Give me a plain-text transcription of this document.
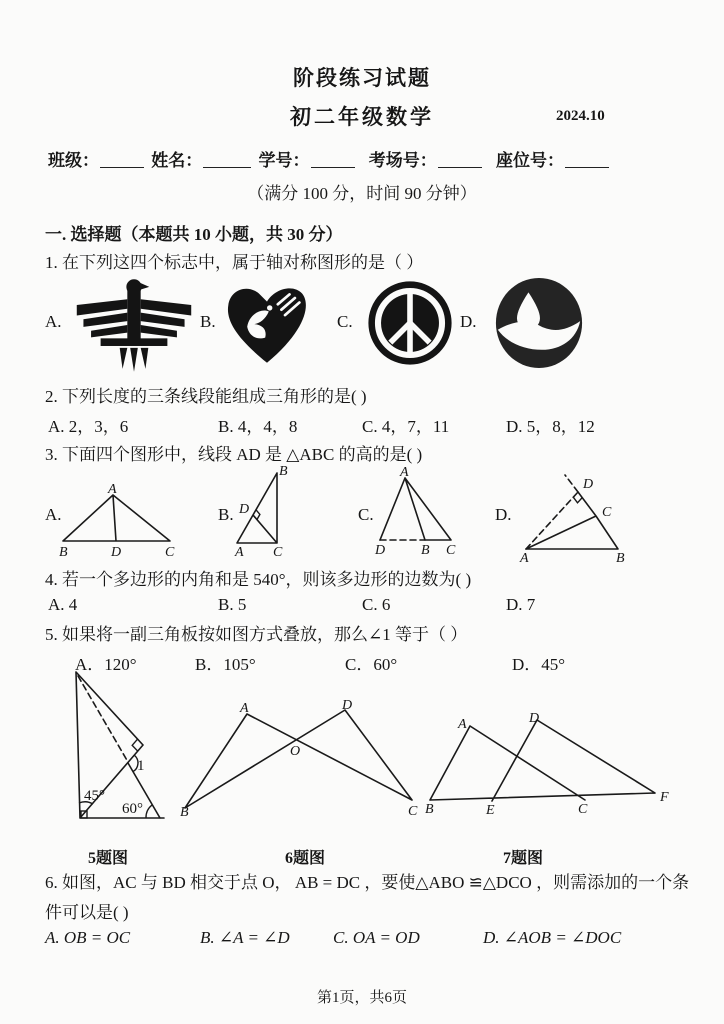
阶段练习试题
初二年级数学	2024.10
班级：	姓名：	学号：	考场号：	座位号：
（满分 100 分，时间 90 分钟）
一. 选择题（本题共 10 小题，共 30 分）
1. 在下列这四个标志中，属于轴对称图形的是（ ）
A.	B.	C.	D.
2. 下列长度的三条线段能组成三角形的是( )
A. 2，3，6	B. 4，4，8	C. 4，7，11	D. 5，8，12
3. 下面四个图形中，线段 AD 是 △ABC 的高的是( )
A.	B.	C.	D.
A
B	D	C
B
D
A C
A
D	B C
D
C
A	B
4. 若一个多边形的内角和是 540°，则该多边形的边数为( )
A. 4	B. 5	C. 6	D. 7
5. 如果将一副三角板按如图方式叠放，那么∠1 等于（ ）
A．120°	B．105°	C．60°	D．45°
45°
60°
1
A
B
D
C
O
A	D
B	E	C
F
5题图	6题图	7题图
6. 如图，AC 与 BD 相交于点 O， AB = DC ，要使△ABO ≌△DCO ，则需添加的一个条
件可以是( )
A. OB = OC	B. ∠A = ∠D	C. OA = OD	D. ∠AOB = ∠DOC
第1页，共6页
